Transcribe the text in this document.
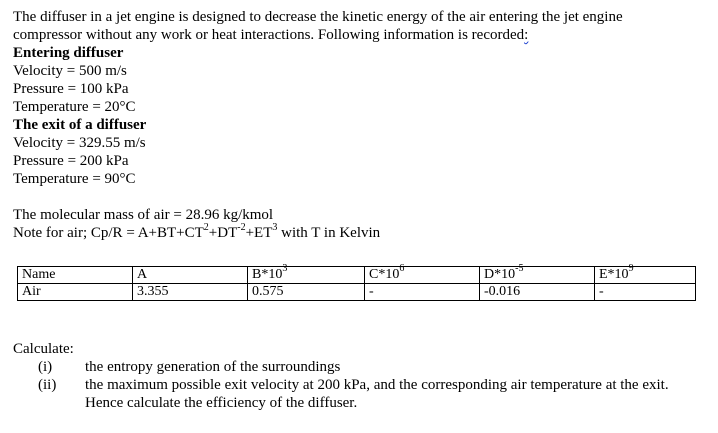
The diffuser in a jet engine is designed to decrease the kinetic energy of the air entering the jet engine
compressor without any work or heat interactions. Following information is recorded:
Entering diffuser
Velocity = 500 m/s
Pressure = 100 kPa
Temperature = 20°C
The exit of a diffuser
Velocity = 329.55 m/s
Pressure = 200 kPa
Temperature = 90°C
The molecular mass of air = 28.96 kg/kmol
Note for air; $Cp/R = A+BT+CT^2+DT^{-2}+ET^3$ with T in Kelvin
Name	A	$B*10^3$	$C*10^6$	$D*10^{-5}$	$E*10^9$
Air	3.355	0.575	-	-0.016	-
Calculate:
(i) the entropy generation of the surroundings
(ii) the maximum possible exit velocity at 200 kPa, and the corresponding air temperature at the exit. Hence calculate the efficiency of the diffuser.
